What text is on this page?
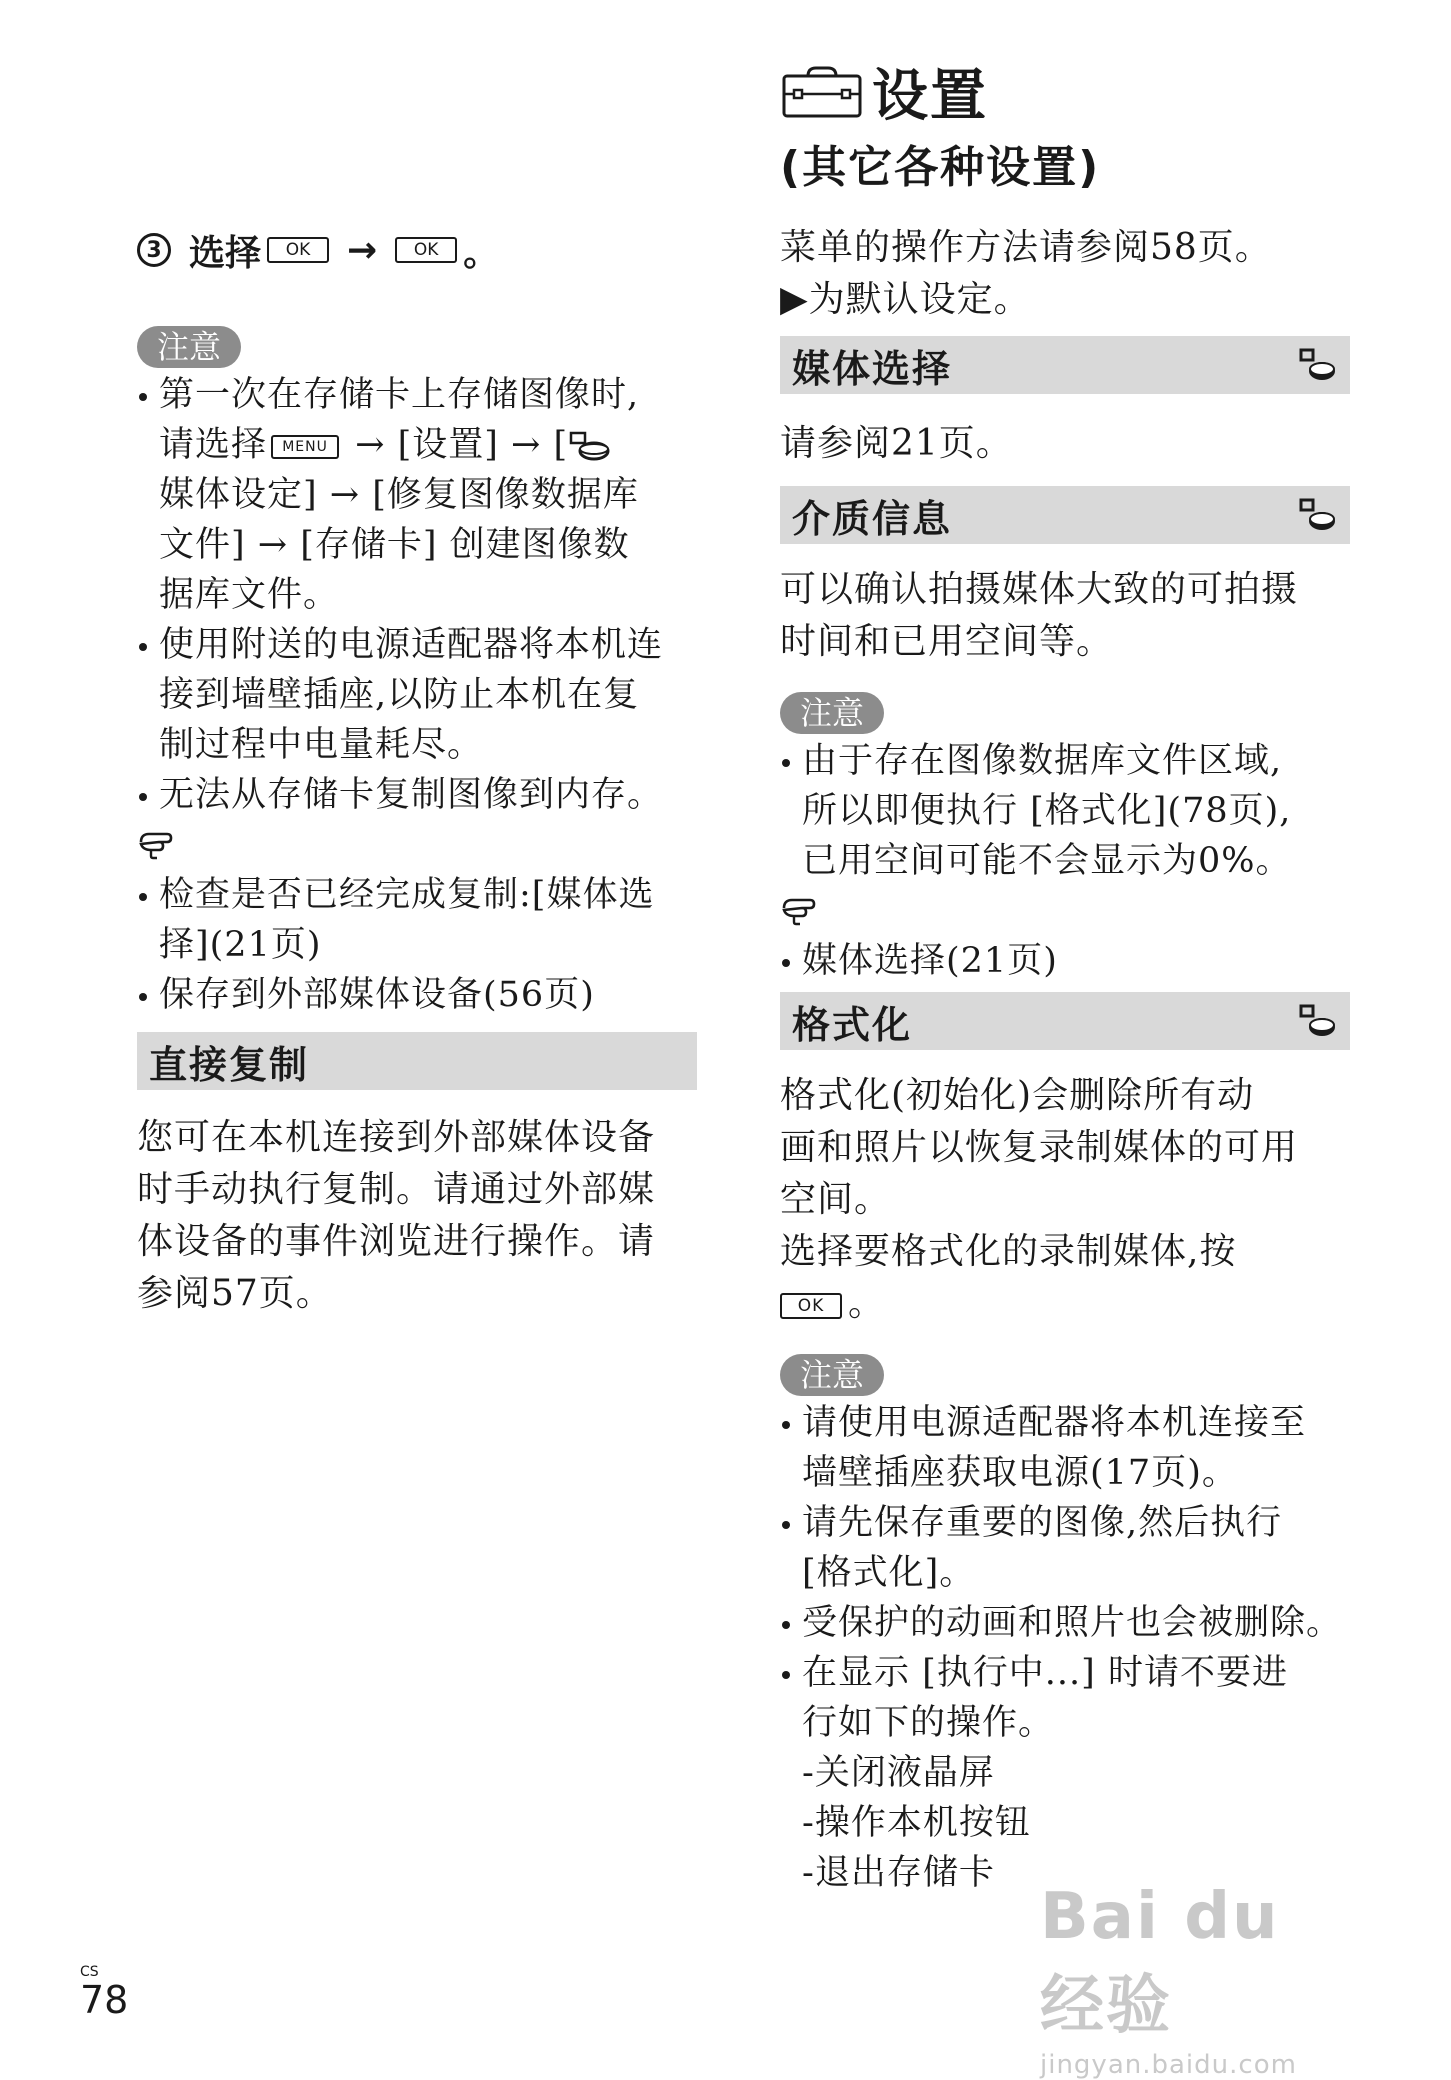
3 选择	OK	→	OK 。
注意
第一次在存储卡上存储图像时,
请选择 MENU → [设置] → [
媒体设定] → [修复图像数据库
文件] → [存储卡] 创建图像数
据库文件。
使用附送的电源适配器将本机连
接到墙壁插座,以防止本机在复
制过程中电量耗尽。
无法从存储卡复制图像到内存。
检查是否已经完成复制:[媒体选
择](21页)
保存到外部媒体设备(56页)
直接复制
您可在本机连接到外部媒体设备
时手动执行复制。请通过外部媒
体设备的事件浏览进行操作。请
参阅57页。
设置
(其它各种设置)
菜单的操作方法请参阅58页。
▶为默认设定。
媒体选择
请参阅21页。
介质信息
可以确认拍摄媒体大致的可拍摄
时间和已用空间等。
注意
由于存在图像数据库文件区域,
所以即便执行 [格式化](78页),
已用空间可能不会显示为0%。
媒体选择(21页)
格式化
格式化(初始化)会删除所有动
画和照片以恢复录制媒体的可用
空间。
选择要格式化的录制媒体,按
OK 。
注意
请使用电源适配器将本机连接至
墙壁插座获取电源(17页)。
请先保存重要的图像,然后执行
[格式化]。
受保护的动画和照片也会被删除。
在显示 [执行中...] 时请不要进
行如下的操作。
-关闭液晶屏
-操作本机按钮
-退出存储卡
CS
78
Bai du 经验
jingyan.baidu.com
